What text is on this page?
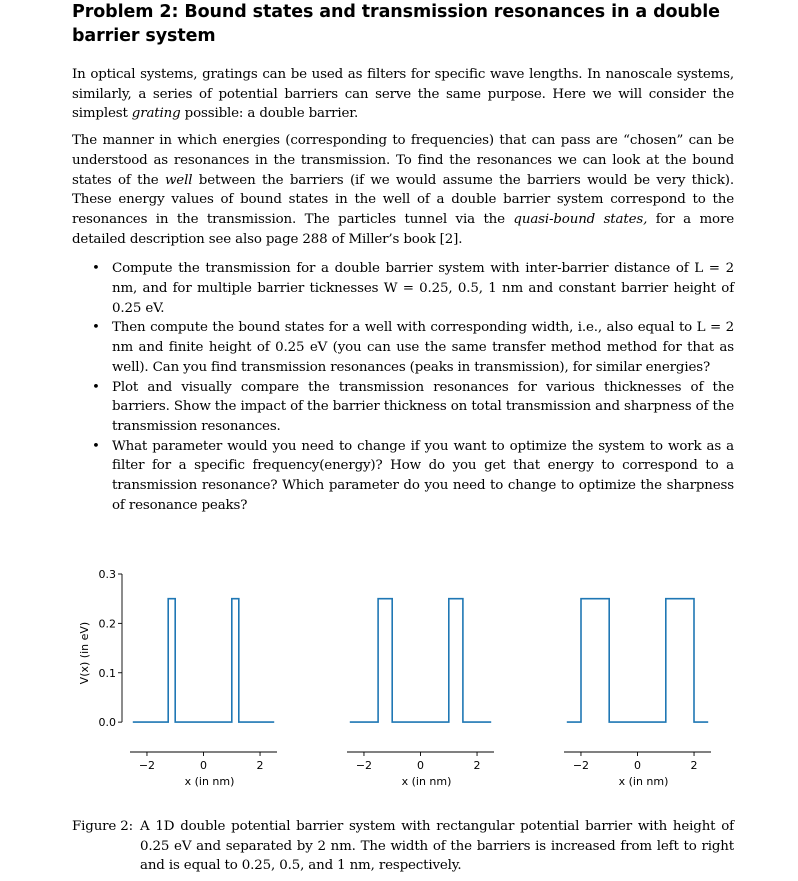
Problem 2: Bound states and transmission resonances in a double barrier system

In optical systems, gratings can be used as filters for specific wave lengths. In nanoscale systems, similarly, a series of potential barriers can serve the same purpose. Here we will consider the simplest grating possible: a double barrier.

The manner in which energies (corresponding to frequencies) that can pass are “chosen” can be understood as resonances in the transmission. To find the resonances we can look at the bound states of the well between the barriers (if we would assume the barriers would be very thick). These energy values of bound states in the well of a double barrier system correspond to the resonances in the transmission. The particles tunnel via the quasi-bound states, for a more detailed description see also page 288 of Miller’s book [2].

• Compute the transmission for a double barrier system with inter-barrier distance of L = 2 nm, and for multiple barrier ticknesses W = 0.25, 0.5, 1 nm and constant barrier height of 0.25 eV.
• Then compute the bound states for a well with corresponding width, i.e., also equal to L = 2 nm and finite height of 0.25 eV (you can use the same transfer method method for that as well). Can you find transmission resonances (peaks in transmission), for similar energies?
• Plot and visually compare the transmission resonances for various thicknesses of the barriers. Show the impact of the barrier thickness on total transmission and sharpness of the transmission resonances.
• What parameter would you need to change if you want to optimize the system to work as a filter for a specific frequency(energy)? How do you get that energy to correspond to a transmission resonance? Which parameter do you need to change to optimize the sharpness of resonance peaks?
−2	0	2
x (in nm)
0.0
0.1
0.2
0.3
V(x) (in eV)
−2	0	2
x (in nm)
−2	0	2
x (in nm)
Figure 2: A 1D double potential barrier system with rectangular potential barrier with height of 0.25 eV and separated by 2 nm. The width of the barriers is increased from left to right and is equal to 0.25, 0.5, and 1 nm, respectively.
